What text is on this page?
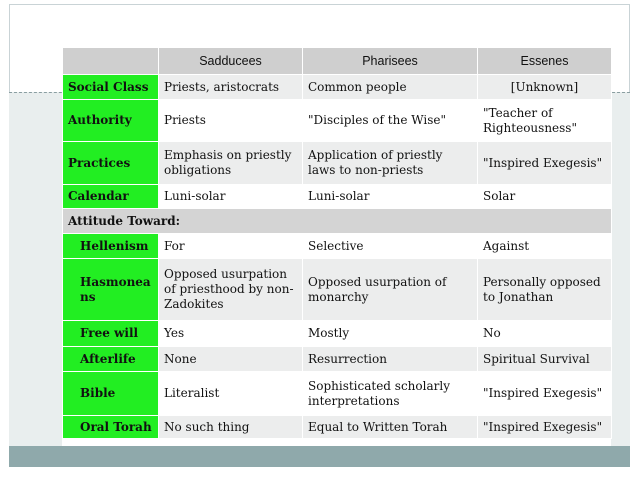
	Sadducees	Pharisees	Essenes
Social Class	Priests, aristocrats	Common people	[Unknown]
Authority	Priests	"Disciples of the Wise"	"Teacher of Righteousness"
Practices	Emphasis on priestly obligations	Application of priestly laws to non-priests	"Inspired Exegesis"
Calendar	Luni-solar	Luni-solar	Solar
Attitude Toward:			
Hellenism	For	Selective	Against
Hasmonea ns	Opposed usurpation of priesthood by non-Zadokites	Opposed usurpation of monarchy	Personally opposed to Jonathan
Free will	Yes	Mostly	No
Afterlife	None	Resurrection	Spiritual Survival
Bible	Literalist	Sophisticated scholarly interpretations	"Inspired Exegesis"
Oral Torah	No such thing	Equal to Written Torah	"Inspired Exegesis"
